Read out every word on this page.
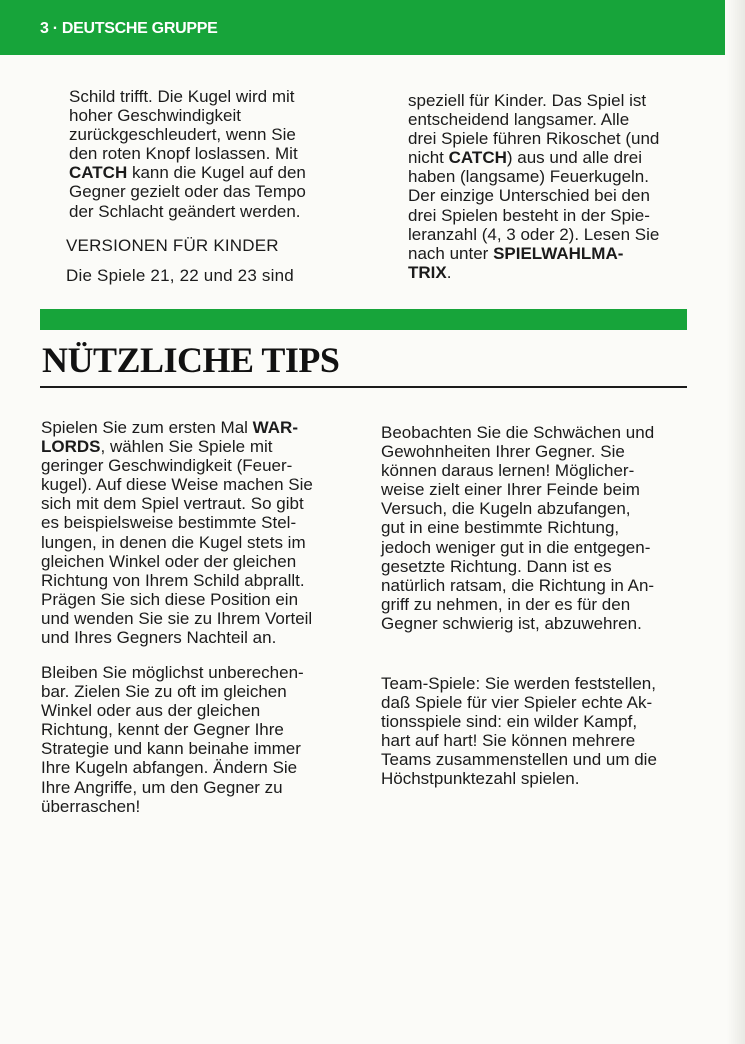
3 · DEUTSCHE GRUPPE

Schild trifft. Die Kugel wird mit

hoher Geschwindigkeit

zurückgeschleudert, wenn Sie

den roten Knopf loslassen. Mit

CATCH kann die Kugel auf den

Gegner gezielt oder das Tempo

der Schlacht geändert werden.

VERSIONEN FÜR KINDER
Die Spiele 21, 22 und 23 sind

speziell für Kinder. Das Spiel ist

entscheidend langsamer. Alle

drei Spiele führen Rikoschet (und

nicht CATCH) aus und alle drei

haben (langsame) Feuerkugeln.

Der einzige Unterschied bei den

drei Spielen besteht in der Spie-

leranzahl (4, 3 oder 2). Lesen Sie

nach unter SPIELWAHLMA-

TRIX.

NÜTZLICHE TIPS

Spielen Sie zum ersten Mal WAR-

LORDS, wählen Sie Spiele mit

geringer Geschwindigkeit (Feuer-

kugel). Auf diese Weise machen Sie

sich mit dem Spiel vertraut. So gibt

es beispielsweise bestimmte Stel-

lungen, in denen die Kugel stets im

gleichen Winkel oder der gleichen

Richtung von Ihrem Schild abprallt.

Prägen Sie sich diese Position ein

und wenden Sie sie zu Ihrem Vorteil

und Ihres Gegners Nachteil an.

Bleiben Sie möglichst unberechen-

bar. Zielen Sie zu oft im gleichen

Winkel oder aus der gleichen

Richtung, kennt der Gegner Ihre

Strategie und kann beinahe immer

Ihre Kugeln abfangen. Ändern Sie

Ihre Angriffe, um den Gegner zu

überraschen!

Beobachten Sie die Schwächen und

Gewohnheiten Ihrer Gegner. Sie

können daraus lernen! Möglicher-

weise zielt einer Ihrer Feinde beim

Versuch, die Kugeln abzufangen,

gut in eine bestimmte Richtung,

jedoch weniger gut in die entgegen-

gesetzte Richtung. Dann ist es

natürlich ratsam, die Richtung in An-

griff zu nehmen, in der es für den

Gegner schwierig ist, abzuwehren.

Team-Spiele: Sie werden feststellen,

daß Spiele für vier Spieler echte Ak-

tionsspiele sind: ein wilder Kampf,

hart auf hart! Sie können mehrere

Teams zusammenstellen und um die

Höchstpunktezahl spielen.
